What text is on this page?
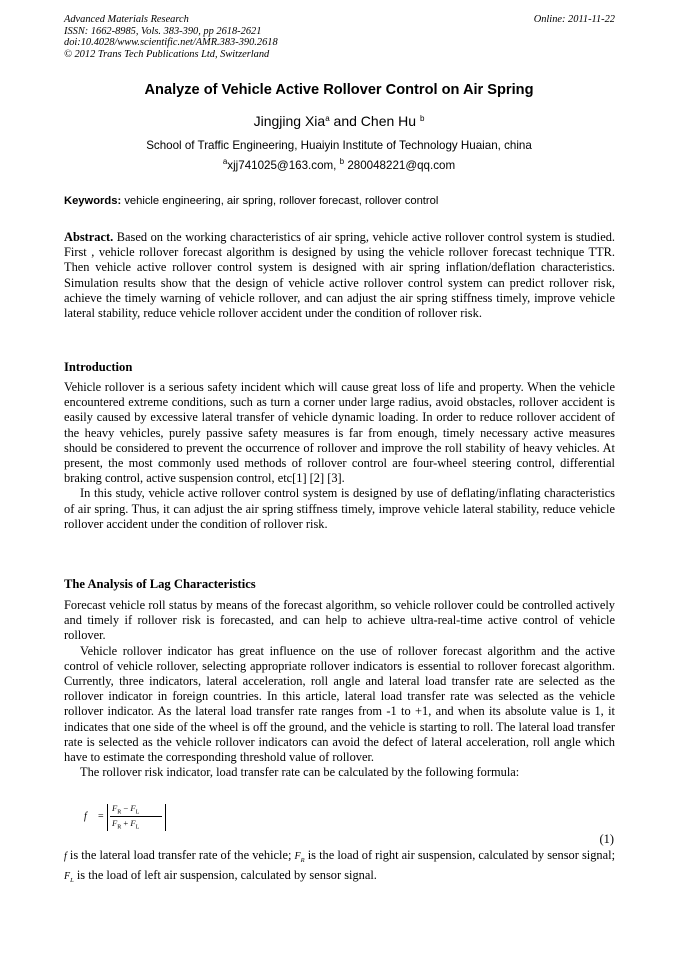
Advanced Materials Research
ISSN: 1662-8985, Vols. 383-390, pp 2618-2621
doi:10.4028/www.scientific.net/AMR.383-390.2618
© 2012 Trans Tech Publications Ltd, Switzerland
Online: 2011-11-22
Analyze of Vehicle Active Rollover Control on Air Spring
Jingjing Xia$^a$ and Chen Hu $^b$
School of Traffic Engineering, Huaiyin Institute of Technology Huaian, china
$^a$xjj741025@163.com, $^b$ 280048221@qq.com
Keywords: vehicle engineering, air spring, rollover forecast, rollover control

Abstract. Based on the working characteristics of air spring, vehicle active rollover control system is studied. First , vehicle rollover forecast algorithm is designed by using the vehicle rollover forecast technique TTR. Then vehicle active rollover control system is designed with air spring inflation/deflation characteristics. Simulation results show that the design of vehicle active rollover control system can predict rollover risk, achieve the timely warning of vehicle rollover, and can adjust the air spring stiffness timely, improve vehicle lateral stability, reduce vehicle rollover accident under the condition of rollover risk.

Introduction

Vehicle rollover is a serious safety incident which will cause great loss of life and property. When the vehicle encountered extreme conditions, such as turn a corner under large radius, avoid obstacles, rollover accident is easily caused by excessive lateral transfer of vehicle dynamic loading. In order to reduce rollover accident of the heavy vehicles, purely passive safety measures is far from enough, timely necessary active measures should be considered to prevent the occurrence of rollover and improve the roll stability of heavy vehicles. At present, the most commonly used methods of rollover control are four-wheel steering control, differential braking control, active suspension control, etc[1] [2] [3].

In this study, vehicle active rollover control system is designed by use of deflating/inflating characteristics of air spring. Thus, it can adjust the air spring stiffness timely, improve vehicle lateral stability, reduce vehicle rollover accident under the condition of rollover risk.

The Analysis of Lag Characteristics

Forecast vehicle roll status by means of the forecast algorithm, so vehicle rollover could be controlled actively and timely if rollover risk is forecasted, and can help to achieve ultra-real-time active control of vehicle rollover.

Vehicle rollover indicator has great influence on the use of rollover forecast algorithm and the active control of vehicle rollover, selecting appropriate rollover indicators is essential to rollover forecast algorithm. Currently, three indicators, lateral acceleration, roll angle and lateral load transfer rate are selected as the rollover indicator in foreign countries. In this article, lateral load transfer rate was selected as the vehicle rollover indicator. As the lateral load transfer rate ranges from -1 to +1, and when its absolute value is 1, it indicates that one side of the wheel is off the ground, and the vehicle is starting to roll. The lateral load transfer rate is selected as the vehicle rollover indicators can avoid the defect of lateral acceleration, roll angle which have to estimate the corresponding threshold value of rollover.

The rollover risk indicator, load transfer rate can be calculated by the following formula:

f =
$F_R - F_L$
$F_R + F_L$
(1)

f is the lateral load transfer rate of the vehicle; $F_R$ is the load of right air suspension, calculated by sensor signal; $F_L$ is the load of left air suspension, calculated by sensor signal.
